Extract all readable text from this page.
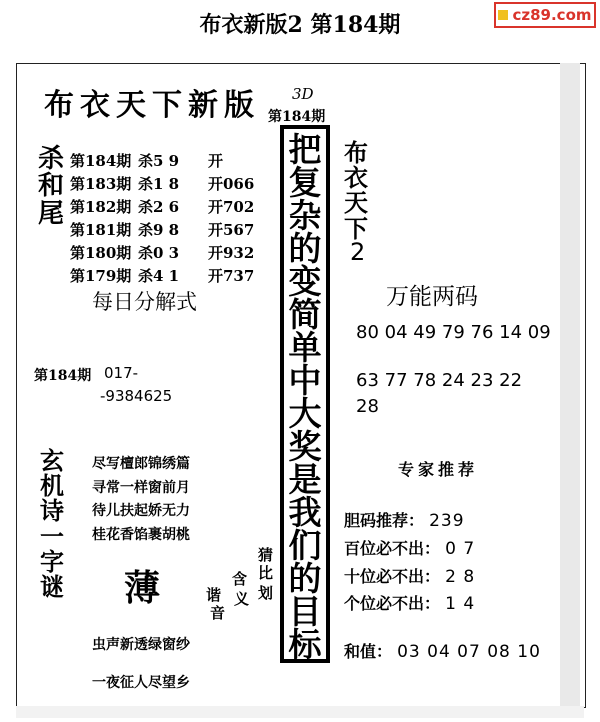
布衣新版2 第184期	cz89.com
布衣天下新版 3D
第184期
杀
和
尾
第184期 杀5 9 开
第183期 杀1 8 开066
第182期 杀2 6 开702
第181期 杀9 8 开567
第180期 杀0 3 开932
第179期 杀4 1 开737
每日分解式
第184期 017-
-9384625
把
复
杂
的
变
简
单
中
大
奖
是
我
们
的
目
标
布
衣
天
下
2
万能两码
80 04 49 79 76 14 09
63 77 78 24 23 22
28
专家推荐
胆码推荐： 239
百位必不出： 0 7
十位必不出： 2 8
个位必不出： 1 4
和值： 03 04 07 08 10
玄
机
诗
一
字
谜
尽写檀郎锦绣篇
寻常一样窗前月
待儿扶起娇无力
桂花香馅裹胡桃
薄
猜
比
含
划
谐 义
音
虫声新透绿窗纱
一夜征人尽望乡
